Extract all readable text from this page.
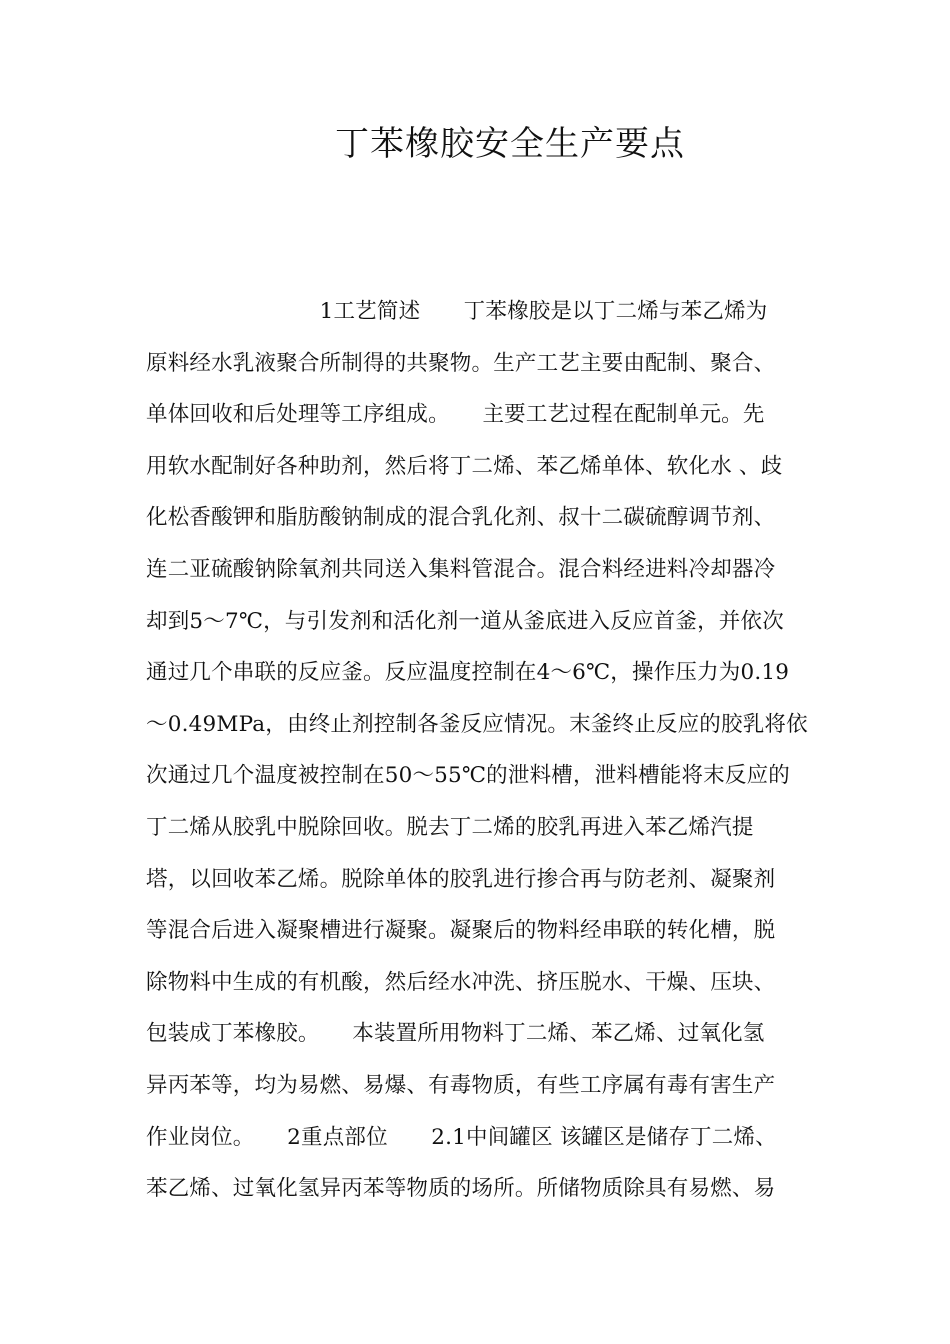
丁苯橡胶安全生产要点
　　　　　　　　1工艺简述　　丁苯橡胶是以丁二烯与苯乙烯为
原料经水乳液聚合所制得的共聚物。生产工艺主要由配制、聚合、
单体回收和后处理等工序组成。　　主要工艺过程在配制单元。先
用软水配制好各种助剂，然后将丁二烯、苯乙烯单体、软化水 、歧
化松香酸钾和脂肪酸钠制成的混合乳化剂、叔十二碳硫醇调节剂、
连二亚硫酸钠除氧剂共同送入集料管混合。混合料经进料冷却器冷
却到5～7℃，与引发剂和活化剂一道从釜底进入反应首釜，并依次
通过几个串联的反应釜。反应温度控制在4～6℃，操作压力为0.19
～0.49MPa，由终止剂控制各釜反应情况。末釜终止反应的胶乳将依
次通过几个温度被控制在50～55℃的泄料槽，泄料槽能将末反应的
丁二烯从胶乳中脱除回收。脱去丁二烯的胶乳再进入苯乙烯汽提
塔，以回收苯乙烯。脱除单体的胶乳进行掺合再与防老剂、凝聚剂
等混合后进入凝聚槽进行凝聚。凝聚后的物料经串联的转化槽，脱
除物料中生成的有机酸，然后经水冲洗、挤压脱水、干燥、压块、
包装成丁苯橡胶。　　本装置所用物料丁二烯、苯乙烯、过氧化氢
异丙苯等，均为易燃、易爆、有毒物质，有些工序属有毒有害生产
作业岗位。　　2重点部位　　2.1中间罐区 该罐区是储存丁二烯、
苯乙烯、过氧化氢异丙苯等物质的场所。所储物质除具有易燃、易
